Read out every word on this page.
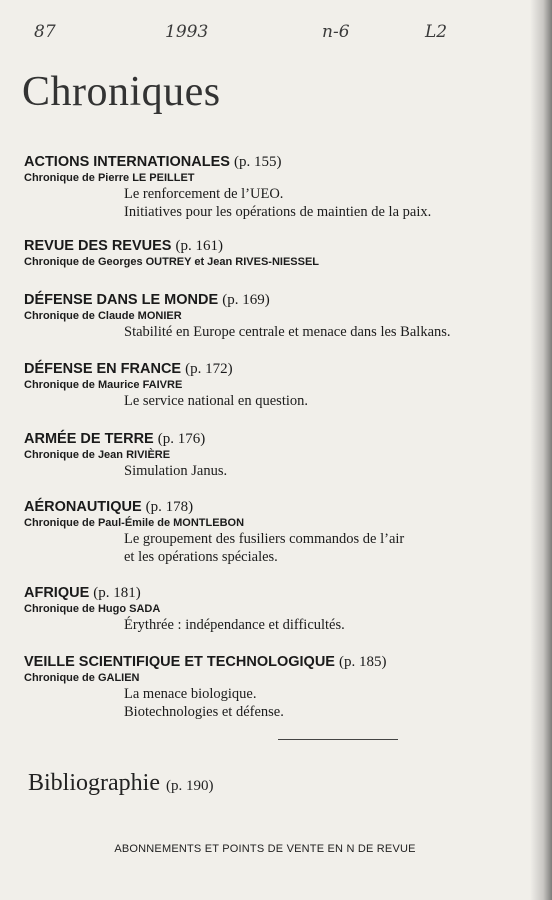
87	1993	n-6	L2
Chroniques
ACTIONS INTERNATIONALES (p. 155)
Chronique de Pierre LE PEILLET
Le renforcement de l’UEO.
Initiatives pour les opérations de maintien de la paix.
REVUE DES REVUES (p. 161)
Chronique de Georges OUTREY et Jean RIVES-NIESSEL
DÉFENSE DANS LE MONDE (p. 169)
Chronique de Claude MONIER
Stabilité en Europe centrale et menace dans les Balkans.
DÉFENSE EN FRANCE (p. 172)
Chronique de Maurice FAIVRE
Le service national en question.
ARMÉE DE TERRE (p. 176)
Chronique de Jean RIVIÈRE
Simulation Janus.
AÉRONAUTIQUE (p. 178)
Chronique de Paul-Émile de MONTLEBON
Le groupement des fusiliers commandos de l’air
et les opérations spéciales.
AFRIQUE (p. 181)
Chronique de Hugo SADA
Érythrée : indépendance et difficultés.
VEILLE SCIENTIFIQUE ET TECHNOLOGIQUE (p. 185)
Chronique de GALIEN
La menace biologique.
Biotechnologies et défense.
Bibliographie (p. 190)
ABONNEMENTS ET POINTS DE VENTE EN N DE REVUE
